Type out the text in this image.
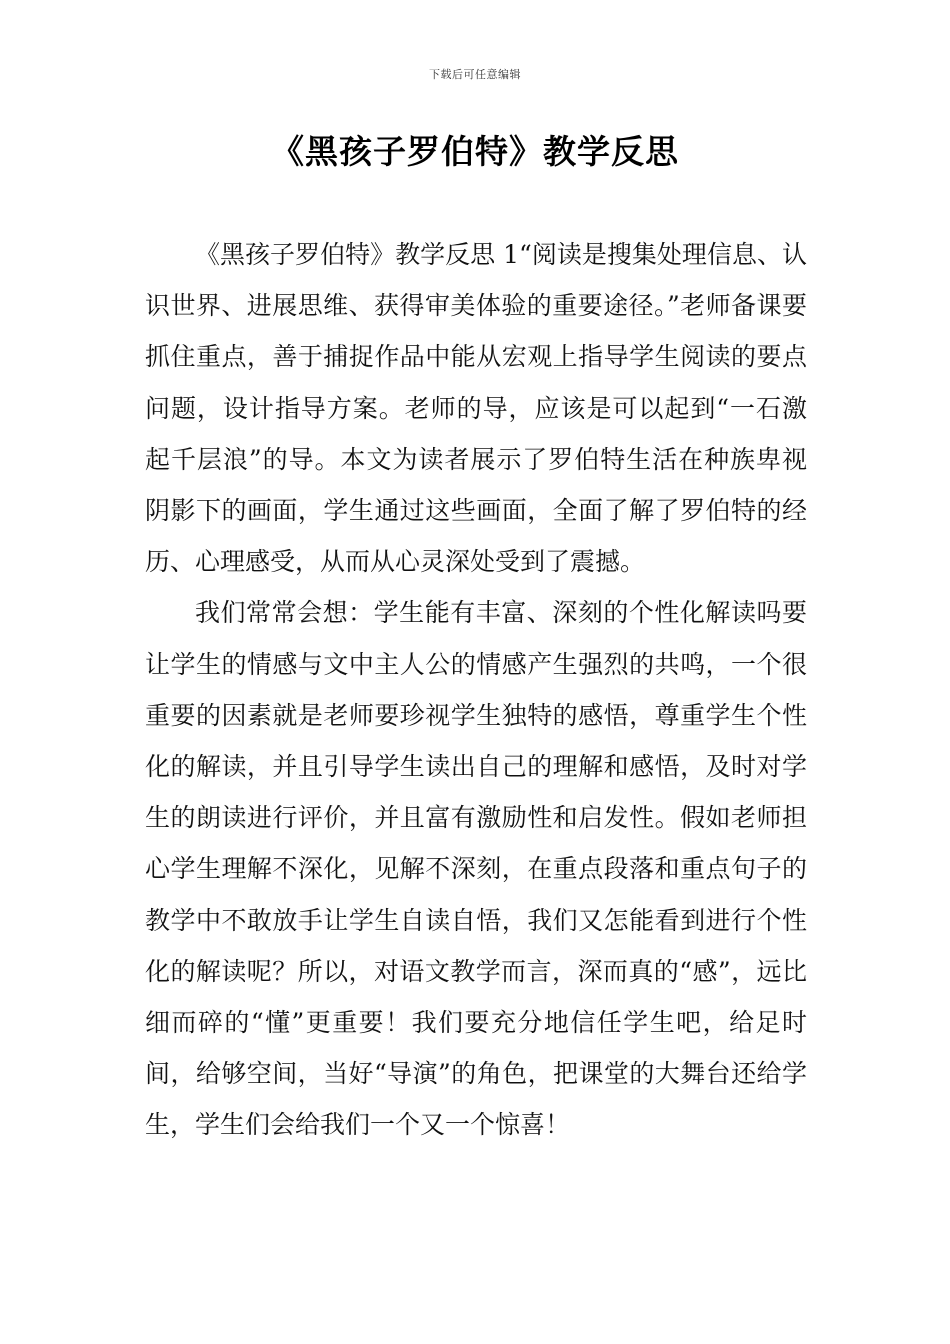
下载后可任意编辑
《黑孩子罗伯特》教学反思

《黑孩子罗伯特》教学反思 1“阅读是搜集处理信息、认识世界、进展思维、获得审美体验的重要途径。”老师备课要抓住重点，善于捕捉作品中能从宏观上指导学生阅读的要点问题，设计指导方案。老师的导，应该是可以起到“一石激起千层浪”的导。本文为读者展示了罗伯特生活在种族卑视阴影下的画面，学生通过这些画面，全面了解了罗伯特的经历、心理感受，从而从心灵深处受到了震撼。

我们常常会想：学生能有丰富、深刻的个性化解读吗要让学生的情感与文中主人公的情感产生强烈的共鸣，一个很重要的因素就是老师要珍视学生独特的感悟，尊重学生个性化的解读，并且引导学生读出自己的理解和感悟，及时对学生的朗读进行评价，并且富有激励性和启发性。假如老师担心学生理解不深化，见解不深刻，在重点段落和重点句子的教学中不敢放手让学生自读自悟，我们又怎能看到进行个性化的解读呢？所以，对语文教学而言，深而真的“感”，远比细而碎的“懂”更重要！我们要充分地信任学生吧，给足时间，给够空间，当好“导演”的角色，把课堂的大舞台还给学生，学生们会给我们一个又一个惊喜！
